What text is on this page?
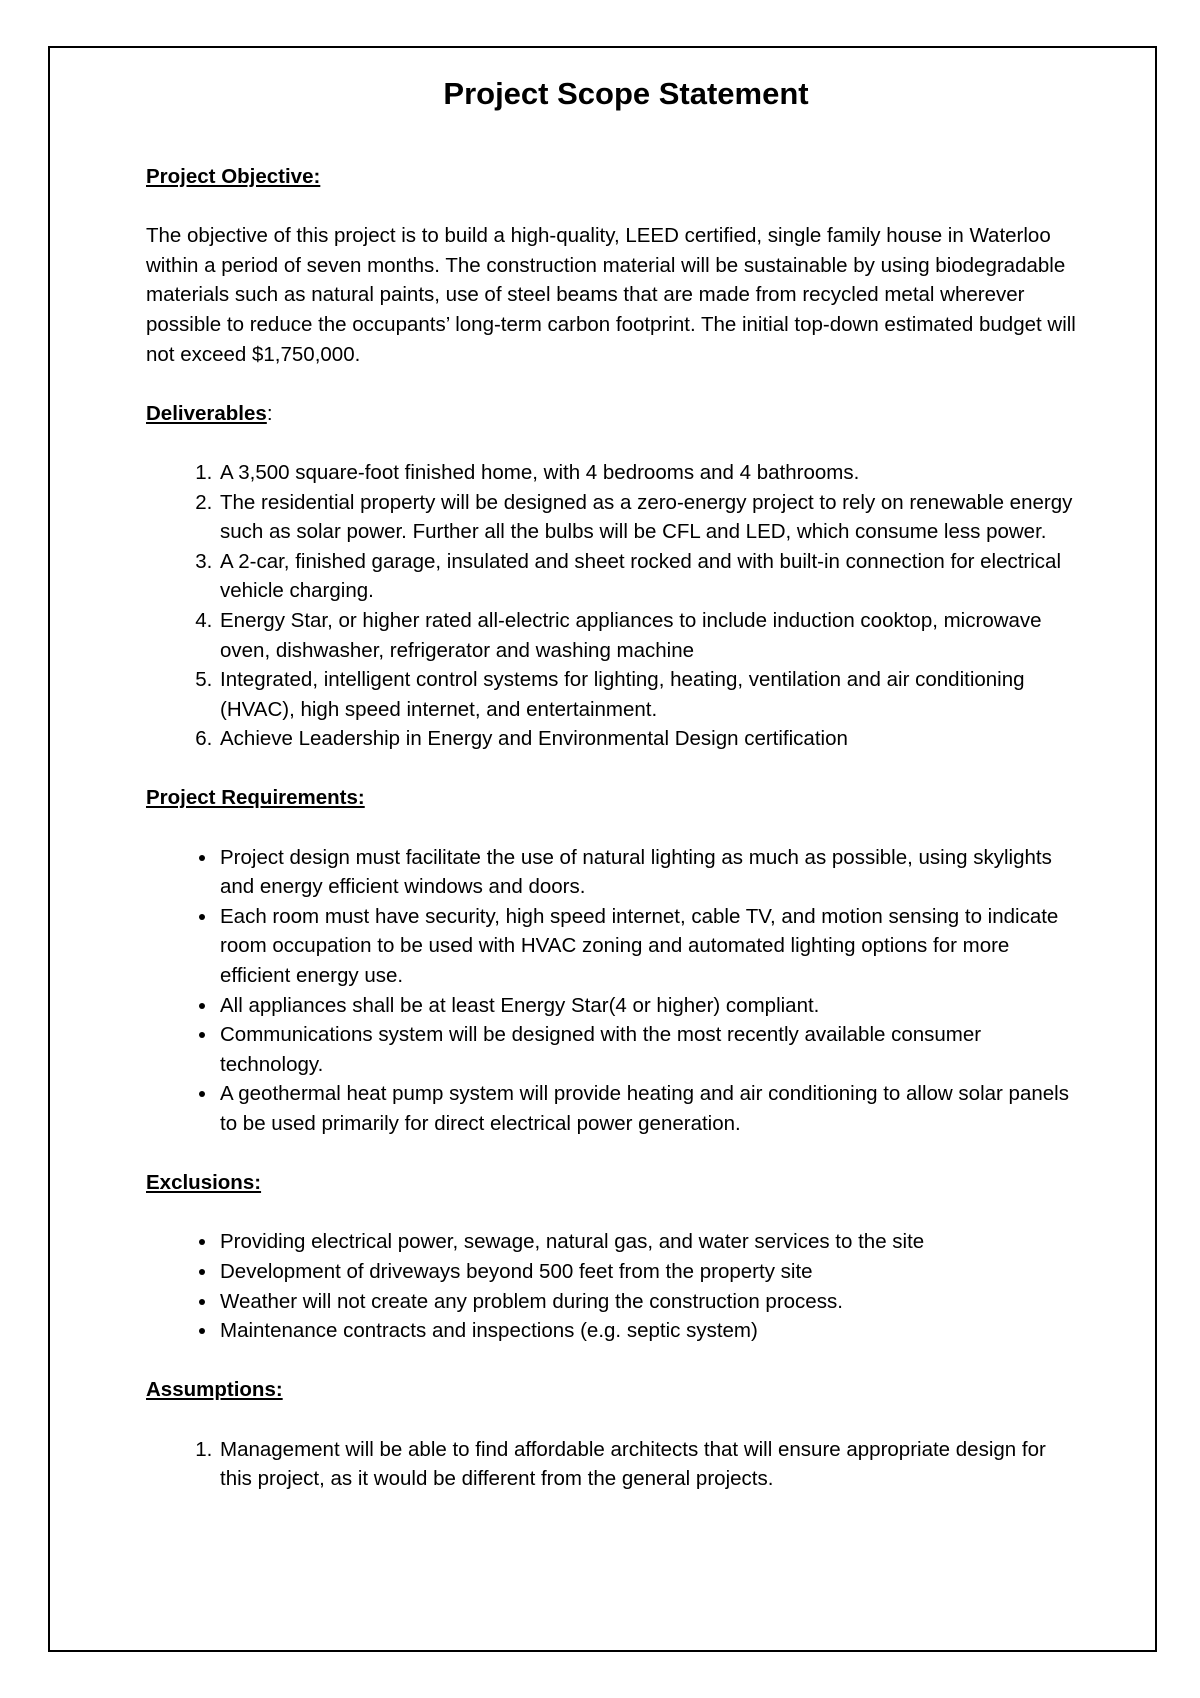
Project Scope Statement
Project Objective:

The objective of this project is to build a high-quality, LEED certified, single family house in Waterloo within a period of seven months. The construction material will be sustainable by using biodegradable materials such as natural paints, use of steel beams that are made from recycled metal wherever possible to reduce the occupants’ long-term carbon footprint. The initial top-down estimated budget will not exceed $1,750,000.

Deliverables:
1. A 3,500 square-foot finished home, with 4 bedrooms and 4 bathrooms.
2. The residential property will be designed as a zero-energy project to rely on renewable energy such as solar power. Further all the bulbs will be CFL and LED, which consume less power.
3. A 2-car, finished garage, insulated and sheet rocked and with built-in connection for electrical vehicle charging.
4. Energy Star, or higher rated all-electric appliances to include induction cooktop, microwave oven, dishwasher, refrigerator and washing machine
5. Integrated, intelligent control systems for lighting, heating, ventilation and air conditioning (HVAC), high speed internet, and entertainment.
6. Achieve Leadership in Energy and Environmental Design certification
Project Requirements:
• Project design must facilitate the use of natural lighting as much as possible, using skylights and energy efficient windows and doors.
• Each room must have security, high speed internet, cable TV, and motion sensing to indicate room occupation to be used with HVAC zoning and automated lighting options for more efficient energy use.
• All appliances shall be at least Energy Star(4 or higher) compliant.
• Communications system will be designed with the most recently available consumer technology.
• A geothermal heat pump system will provide heating and air conditioning to allow solar panels to be used primarily for direct electrical power generation.
Exclusions:
• Providing electrical power, sewage, natural gas, and water services to the site
• Development of driveways beyond 500 feet from the property site
• Weather will not create any problem during the construction process.
• Maintenance contracts and inspections (e.g. septic system)
Assumptions:
1. Management will be able to find affordable architects that will ensure appropriate design for this project, as it would be different from the general projects.
